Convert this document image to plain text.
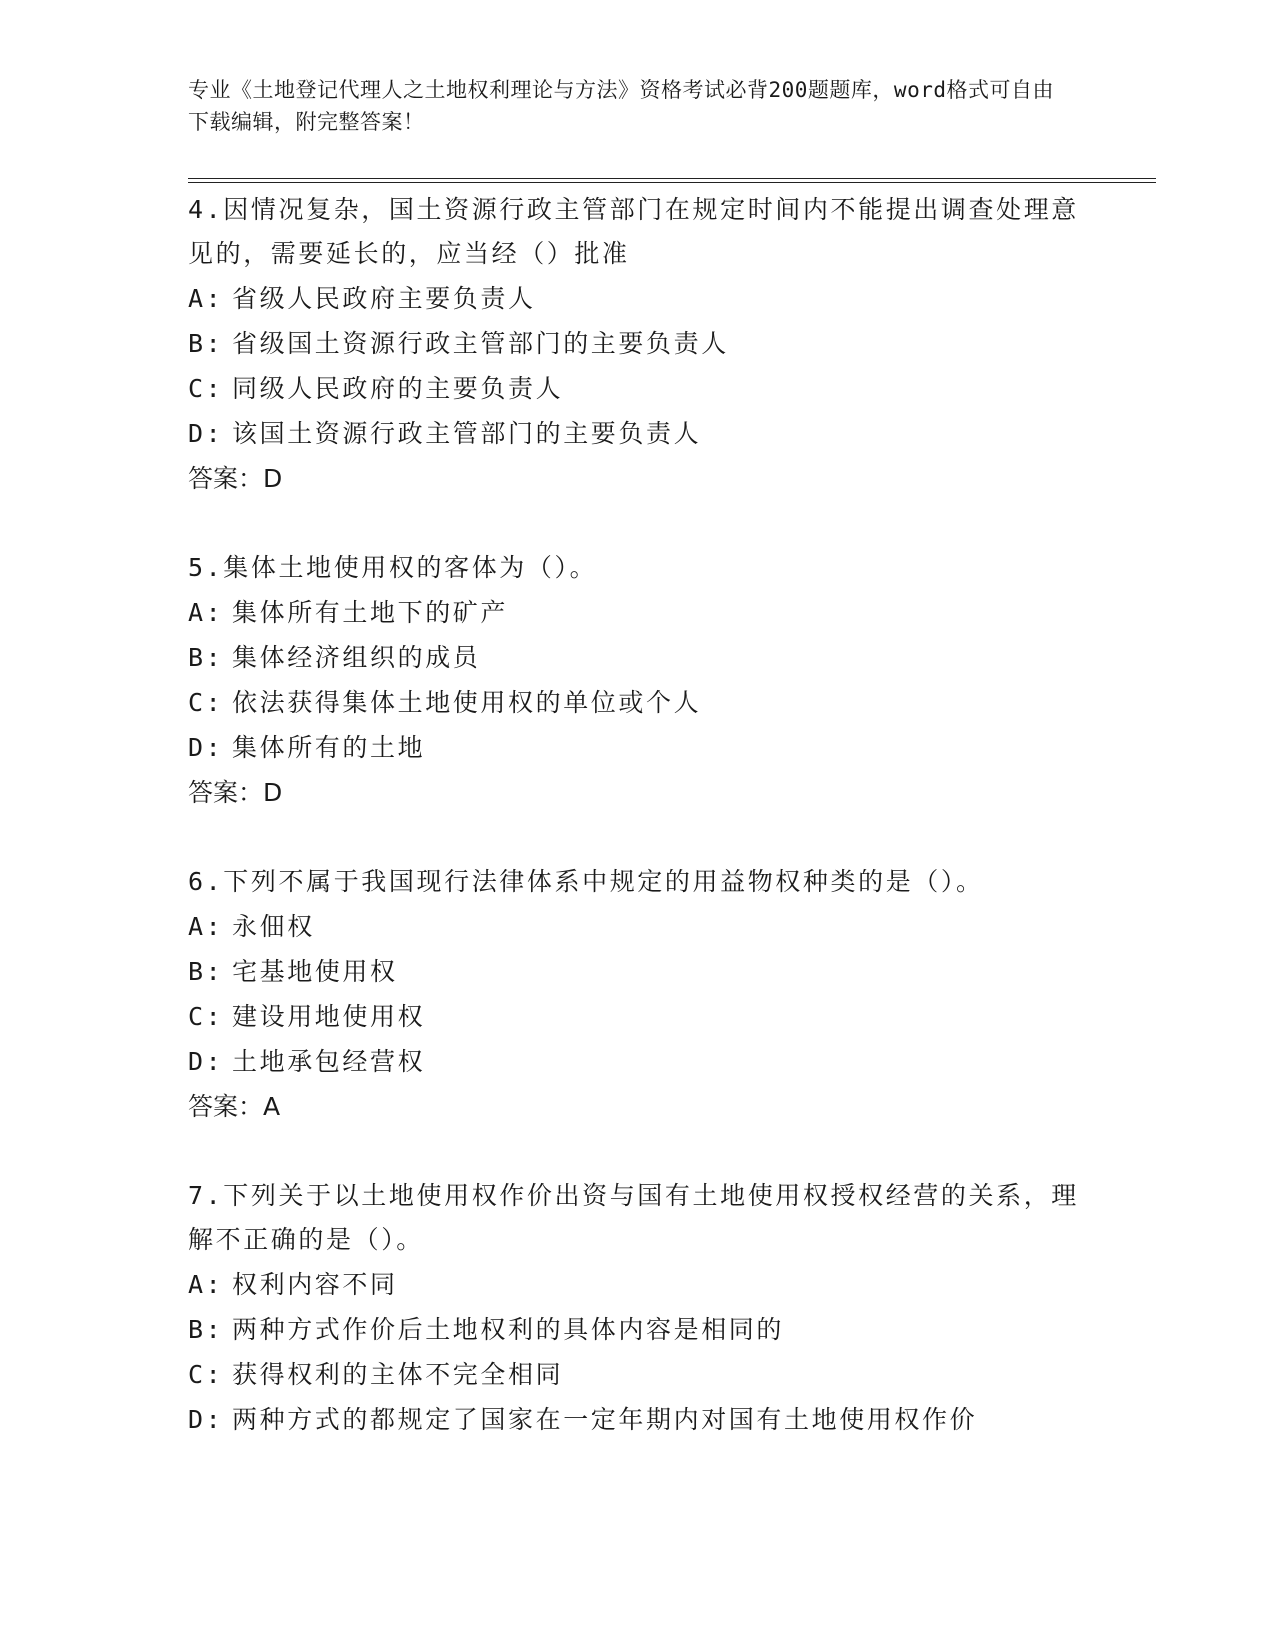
专业《土地登记代理人之土地权利理论与方法》资格考试必背200题题库，word格式可自由下载编辑，附完整答案！

4.因情况复杂，国土资源行政主管部门在规定时间内不能提出调查处理意见的，需要延长的，应当经（）批准

A: 省级人民政府主要负责人

B: 省级国土资源行政主管部门的主要负责人

C: 同级人民政府的主要负责人

D: 该国土资源行政主管部门的主要负责人

答案：D

5.集体土地使用权的客体为（）。

A: 集体所有土地下的矿产

B: 集体经济组织的成员

C: 依法获得集体土地使用权的单位或个人

D: 集体所有的土地

答案：D

6.下列不属于我国现行法律体系中规定的用益物权种类的是（）。

A: 永佃权

B: 宅基地使用权

C: 建设用地使用权

D: 土地承包经营权

答案：A

7.下列关于以土地使用权作价出资与国有土地使用权授权经营的关系，理解不正确的是（）。

A: 权利内容不同

B: 两种方式作价后土地权利的具体内容是相同的

C: 获得权利的主体不完全相同

D: 两种方式的都规定了国家在一定年期内对国有土地使用权作价
